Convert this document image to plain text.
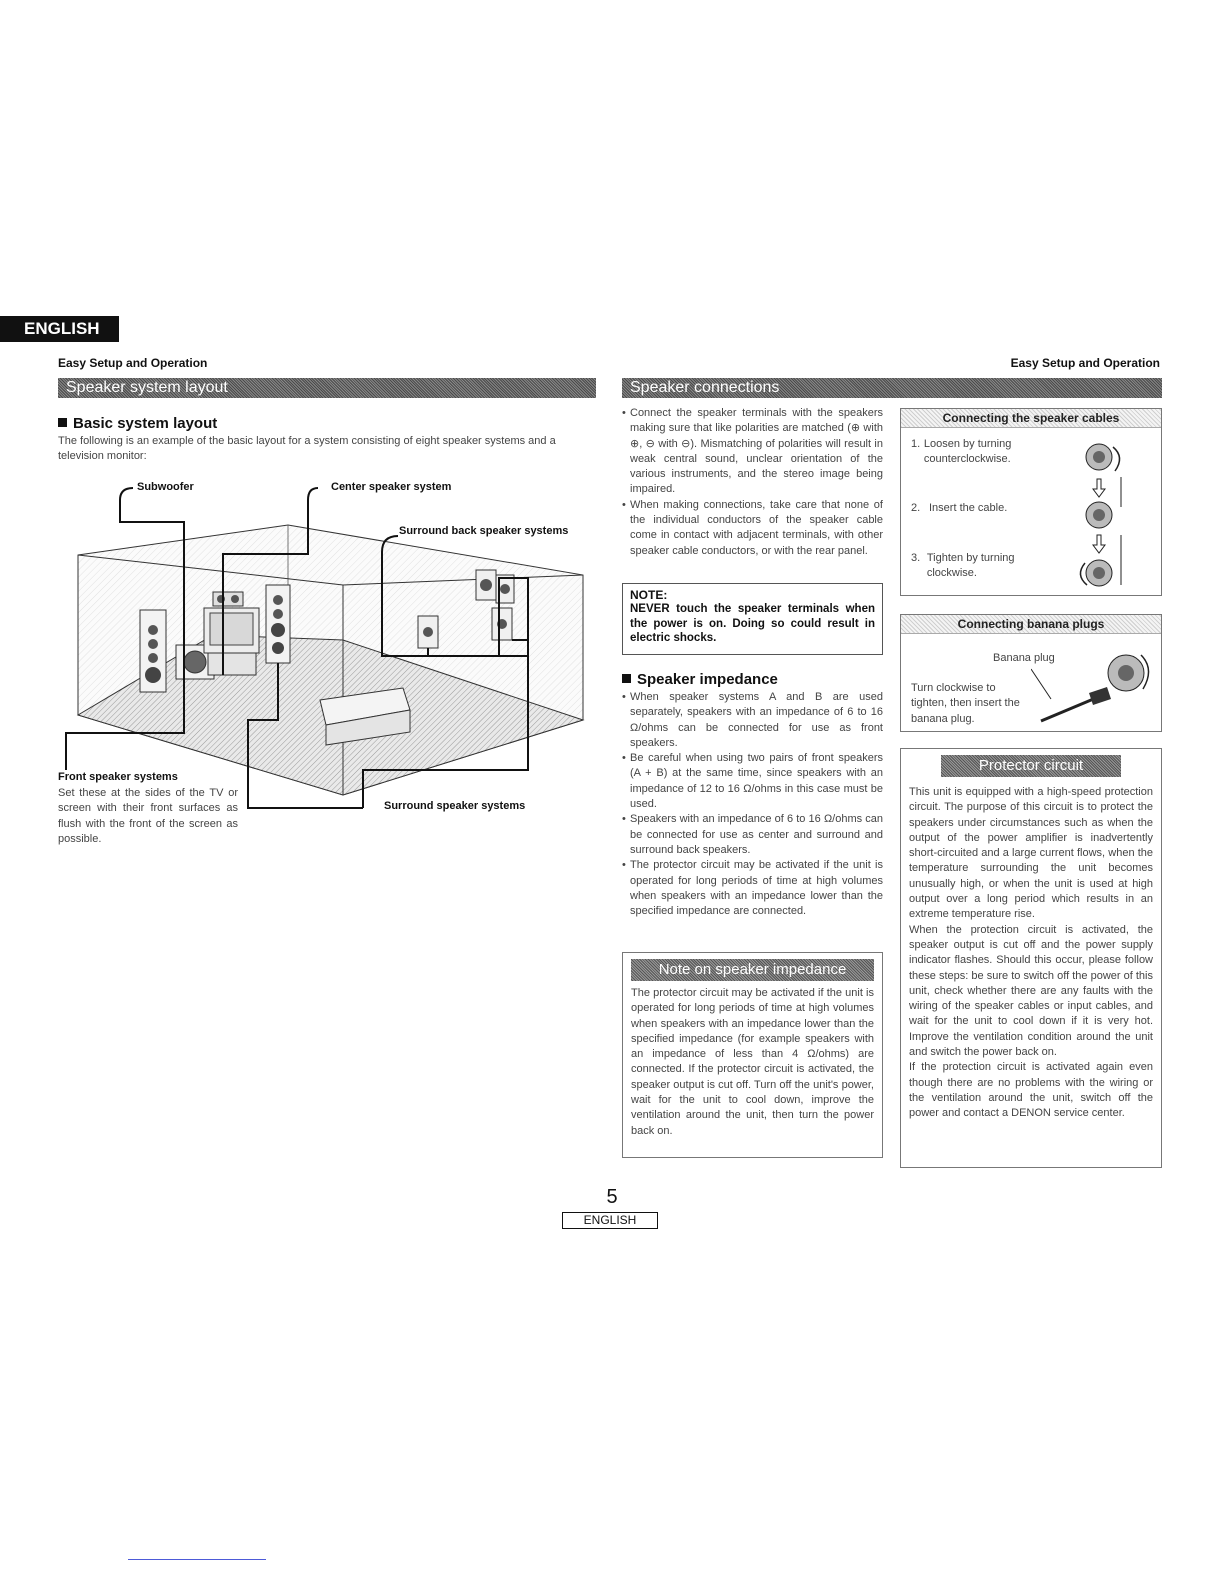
ENGLISH
Easy Setup and Operation	Easy Setup and Operation
Speaker system layout
Basic system layout
The following is an example of the basic layout for a system consisting of eight speaker systems and a television monitor:
Subwoofer	Center speaker system
Surround back speaker systems
Front speaker systems
Set these at the sides of the TV or screen with their front surfaces as flush with the front of the screen as possible.
Surround speaker systems
Speaker connections
• Connect the speaker terminals with the speakers making sure that like polarities are matched (⊕ with ⊕, ⊖ with ⊖). Mismatching of polarities will result in weak central sound, unclear orientation of the various instruments, and the stereo image being impaired.
• When making connections, take care that none of the individual conductors of the speaker cable come in contact with adjacent terminals, with other speaker cable conductors, or with the rear panel.
NOTE:
NEVER touch the speaker terminals when the power is on. Doing so could result in electric shocks.
Speaker impedance
• When speaker systems A and B are used separately, speakers with an impedance of 6 to 16 Ω/ohms can be connected for use as front speakers.
• Be careful when using two pairs of front speakers (A + B) at the same time, since speakers with an impedance of 12 to 16 Ω/ohms in this case must be used.
• Speakers with an impedance of 6 to 16 Ω/ohms can be connected for use as center and surround and surround back speakers.
• The protector circuit may be activated if the unit is operated for long periods of time at high volumes when speakers with an impedance lower than the specified impedance are connected.
Note on speaker impedance
The protector circuit may be activated if the unit is operated for long periods of time at high volumes when speakers with an impedance lower than the specified impedance (for example speakers with an impedance of less than 4 Ω/ohms) are connected. If the protector circuit is activated, the speaker output is cut off. Turn off the unit's power, wait for the unit to cool down, improve the ventilation around the unit, then turn the power back on.
Connecting the speaker cables
1. Loosen by turning counterclockwise.
2. Insert the cable.
3. Tighten by turning clockwise.
Connecting banana plugs
Banana plug
Turn clockwise to tighten, then insert the banana plug.
Protector circuit
This unit is equipped with a high-speed protection circuit. The purpose of this circuit is to protect the speakers under circumstances such as when the output of the power amplifier is inadvertently short-circuited and a large current flows, when the temperature surrounding the unit becomes unusually high, or when the unit is used at high output over a long period which results in an extreme temperature rise.
When the protection circuit is activated, the speaker output is cut off and the power supply indicator flashes. Should this occur, please follow these steps: be sure to switch off the power of this unit, check whether there are any faults with the wiring of the speaker cables or input cables, and wait for the unit to cool down if it is very hot. Improve the ventilation condition around the unit and switch the power back on.
If the protection circuit is activated again even though there are no problems with the wiring or the ventilation around the unit, switch off the power and contact a DENON service center.
5
ENGLISH
